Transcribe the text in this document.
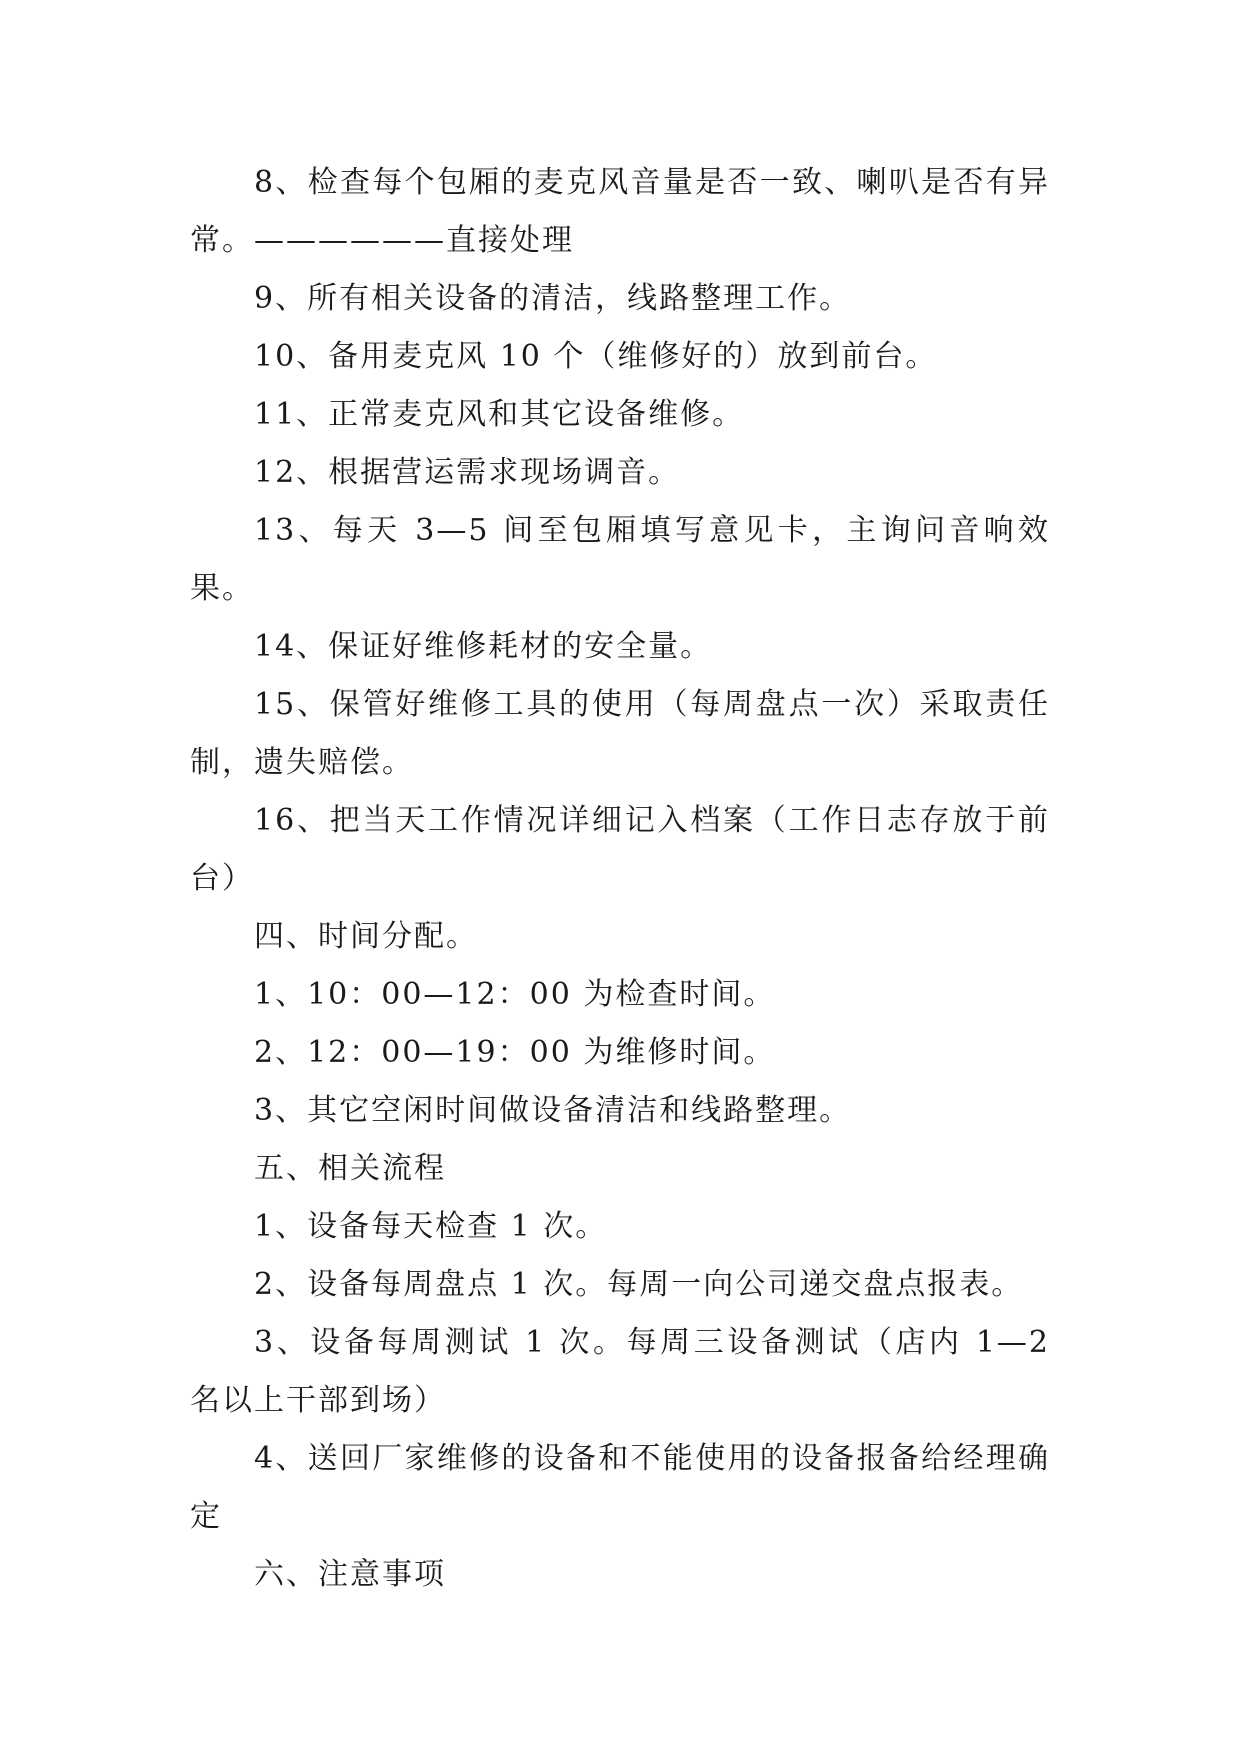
8、检查每个包厢的麦克风音量是否一致、喇叭是否有异常。——————直接处理

9、所有相关设备的清洁，线路整理工作。

10、备用麦克风 10 个（维修好的）放到前台。

11、正常麦克风和其它设备维修。

12、根据营运需求现场调音。

13、每天 3—5 间至包厢填写意见卡，主询问音响效果。

14、保证好维修耗材的安全量。

15、保管好维修工具的使用（每周盘点一次）采取责任制，遗失赔偿。

16、把当天工作情况详细记入档案（工作日志存放于前台）

四、时间分配。

1、10：00—12：00 为检查时间。

2、12：00—19：00 为维修时间。

3、其它空闲时间做设备清洁和线路整理。

五、相关流程

1、设备每天检查 1 次。

2、设备每周盘点 1 次。每周一向公司递交盘点报表。

3、设备每周测试 1 次。每周三设备测试（店内 1—2 名以上干部到场）

4、送回厂家维修的设备和不能使用的设备报备给经理确定

六、注意事项
